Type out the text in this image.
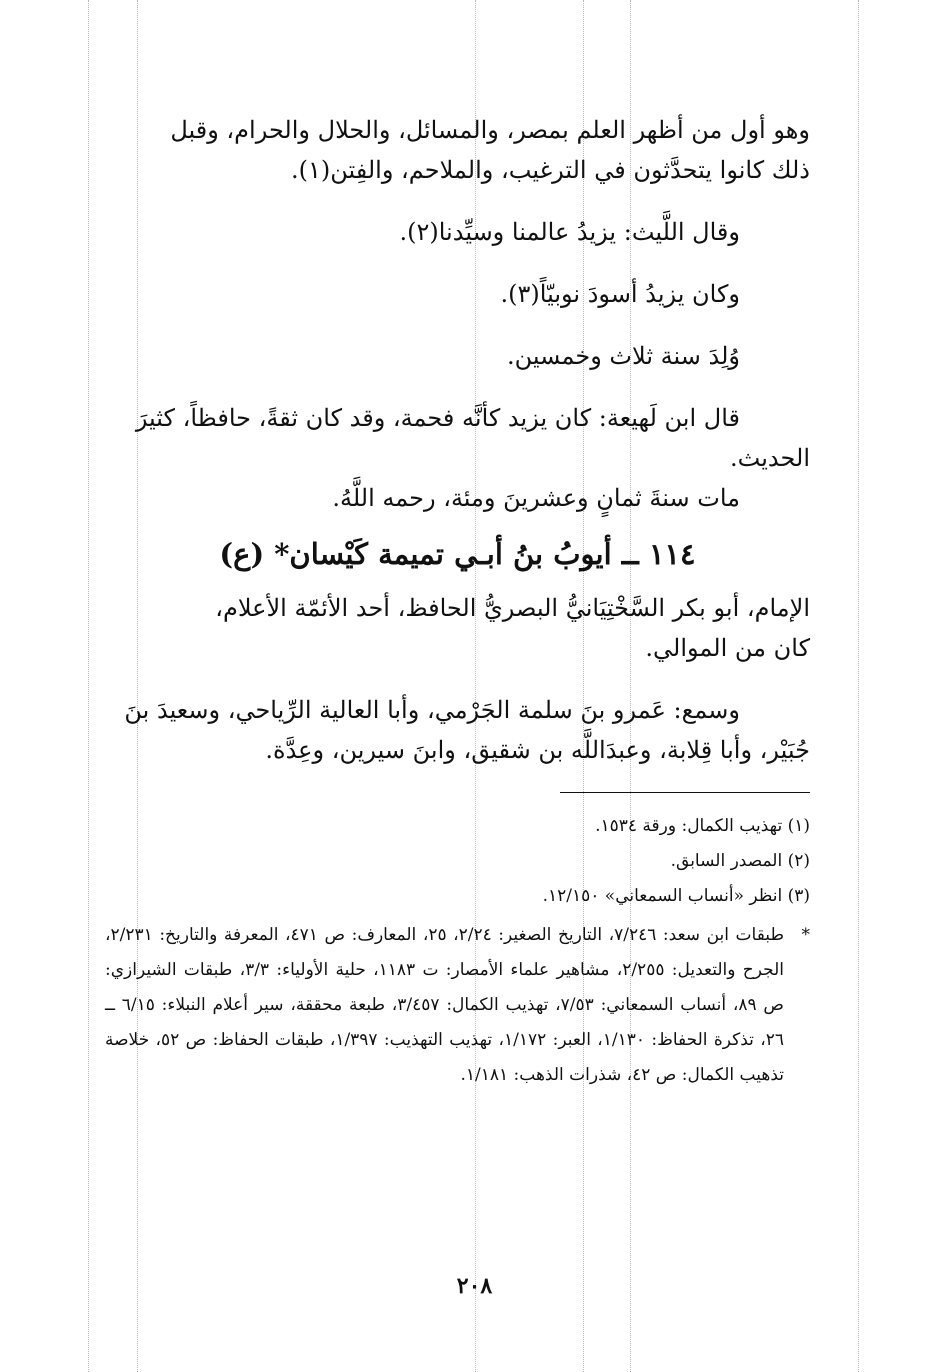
وهو أول من أظهر العلم بمصر، والمسائل، والحلال والحرام، وقبل
ذلك كانوا يتحدَّثون في الترغيب، والملاحم، والفِتن(١).

وقال اللَّيث: يزيدُ عالمنا وسيِّدنا(٢).

وكان يزيدُ أسودَ نوبيّاً(٣).

وُلِدَ سنة ثلاث وخمسين.

قال ابن لَهيعة: كان يزيد كأنَّه فحمة، وقد كان ثقةً، حافظاً، كثيرَ
الحديث.

مات سنةَ ثمانٍ وعشرينَ ومئة، رحمه اللَّهُ.

١١٤ ــ أيوبُ بنُ أبـي تميمة كَيْسان* (ع)

الإمام، أبو بكر السَّخْتِيَانيُّ البصريُّ الحافظ، أحد الأئمّة الأعلام،
كان من الموالي.

وسمع: عَمرو بنَ سلمة الجَرْمي، وأبا العالية الرِّياحي، وسعيدَ بنَ
جُبَيْر، وأبا قِلابة، وعبدَاللَّه بن شقيق، وابنَ سيرين، وعِدَّة.

(١) تهذيب الكمال: ورقة ١٥٣٤.

(٢) المصدر السابق.

(٣) انظر «أنساب السمعاني» ١٢/١٥٠.

*
طبقات ابن سعد: ٧/٢٤٦، التاريخ الصغير: ٢/٢٤، ٢٥، المعارف: ص ٤٧١، المعرفة والتاريخ: ٢/٢٣١، الجرح والتعديل: ٢/٢٥٥، مشاهير علماء الأمصار: ت ١١٨٣، حلية الأولياء: ٣/٣، طبقات الشيرازي: ص ٨٩، أنساب السمعاني: ٧/٥٣، تهذيب الكمال: ٣/٤٥٧، طبعة محققة، سير أعلام النبلاء: ٦/١٥ ــ ٢٦، تذكرة الحفاظ: ١/١٣٠، العبر: ١/١٧٢، تهذيب التهذيب: ١/٣٩٧، طبقات الحفاظ: ص ٥٢، خلاصة تذهيب الكمال: ص ٤٢، شذرات الذهب: ١/١٨١.

٢٠٨
